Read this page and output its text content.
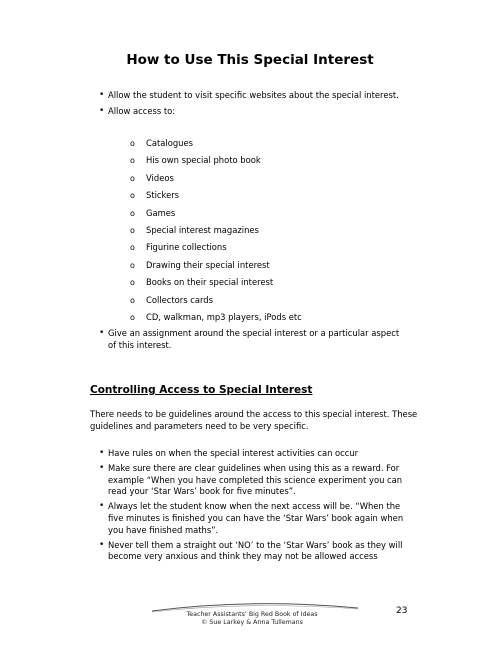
How to Use This Special Interest
• Allow the student to visit specific websites about the special interest.
• Allow access to:
o Catalogues
o His own special photo book
o Videos
o Stickers
o Games
o Special interest magazines
o Figurine collections
o Drawing their special interest
o Books on their special interest
o Collectors cards
o CD, walkman, mp3 players, iPods etc
• Give an assignment around the special interest or a particular aspect of this interest.
Controlling Access to Special Interest

There needs to be guidelines around the access to this special interest. These guidelines and parameters need to be very specific.

• Have rules on when the special interest activities can occur
• Make sure there are clear guidelines when using this as a reward. For example “When you have completed this science experiment you can read your ‘Star Wars’ book for five minutes”.
• Always let the student know when the next access will be. “When the five minutes is finished you can have the ‘Star Wars’ book again when you have finished maths”.
• Never tell them a straight out ‘NO’ to the ‘Star Wars’ book as they will become very anxious and think they may not be allowed access
Teacher Assistants’ Big Red Book of Ideas
© Sue Larkey & Anna Tullemans
23
